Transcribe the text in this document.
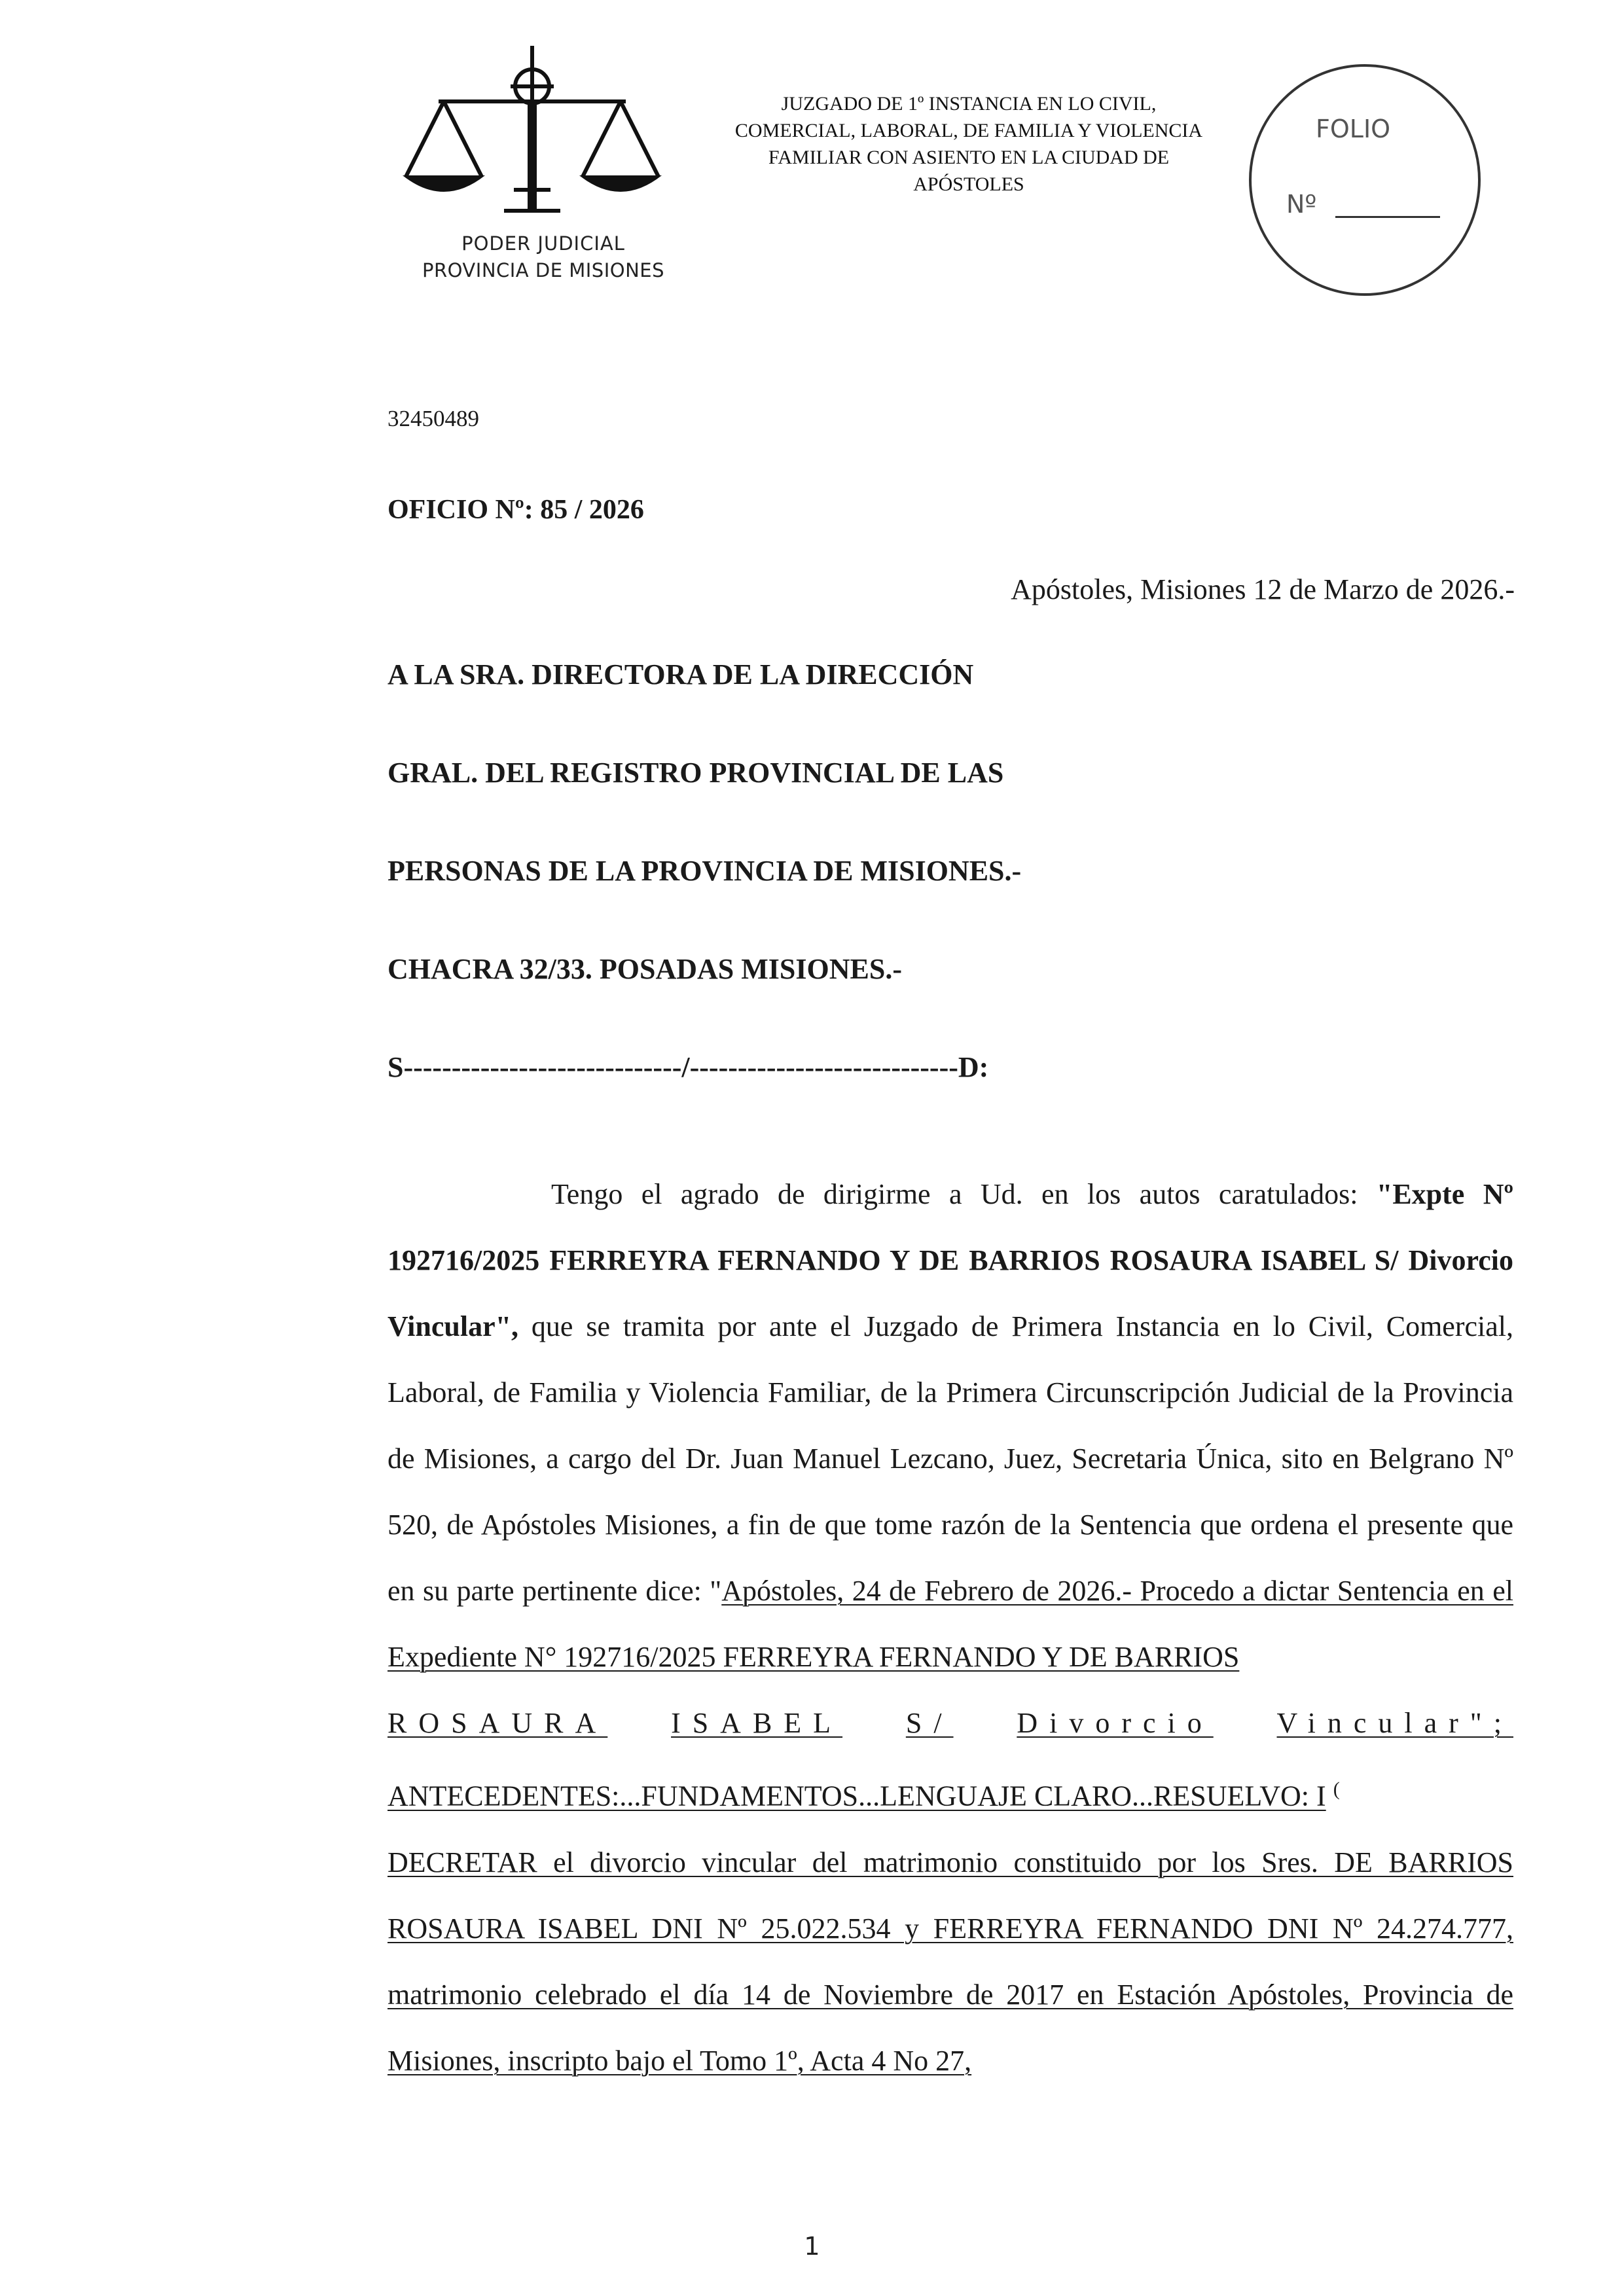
PODER JUDICIAL
PROVINCIA DE MISIONES
JUZGADO DE 1º INSTANCIA EN LO CIVIL,
COMERCIAL, LABORAL, DE FAMILIA Y VIOLENCIA
FAMILIAR CON ASIENTO EN LA CIUDAD DE
APÓSTOLES
FOLIO
Nº
32450489
OFICIO Nº: 85 / 2026
Apóstoles, Misiones 12 de Marzo de 2026.-
A LA SRA. DIRECTORA DE LA DIRECCIÓN
GRAL. DEL REGISTRO PROVINCIAL DE LAS
PERSONAS DE LA PROVINCIA DE MISIONES.-
CHACRA 32/33. POSADAS MISIONES.-
S-----------------------------/----------------------------D:

Tengo el agrado de dirigirme a Ud. en los autos caratulados: "Expte Nº 192716/2025 FERREYRA FERNANDO Y DE BARRIOS ROSAURA ISABEL S/ Divorcio Vincular", que se tramita por ante el Juzgado de Primera Instancia en lo Civil, Comercial, Laboral, de Familia y Violencia Familiar, de la Primera Circunscripción Judicial de la Provincia de Misiones, a cargo del Dr. Juan Manuel Lezcano, Juez, Secretaria Única, sito en Belgrano Nº 520, de Apóstoles Misiones, a fin de que tome razón de la Sentencia que ordena el presente que en su parte pertinente dice: "Apóstoles, 24 de Febrero de 2026.- Procedo a dictar Sentencia en el Expediente N° 192716/2025 FERREYRA FERNANDO Y DE BARRIOS

ROSAURA ISABEL S/ Divorcio Vincular";
ANTECEDENTES:...FUNDAMENTOS...LENGUAJE CLARO...RESUELVO: I (

DECRETAR el divorcio vincular del matrimonio constituido por los Sres. DE BARRIOS ROSAURA ISABEL DNI Nº 25.022.534 y FERREYRA FERNANDO DNI Nº 24.274.777, matrimonio celebrado el día 14 de Noviembre de 2017 en Estación Apóstoles, Provincia de Misiones, inscripto bajo el Tomo 1º, Acta 4 No 27,

1
